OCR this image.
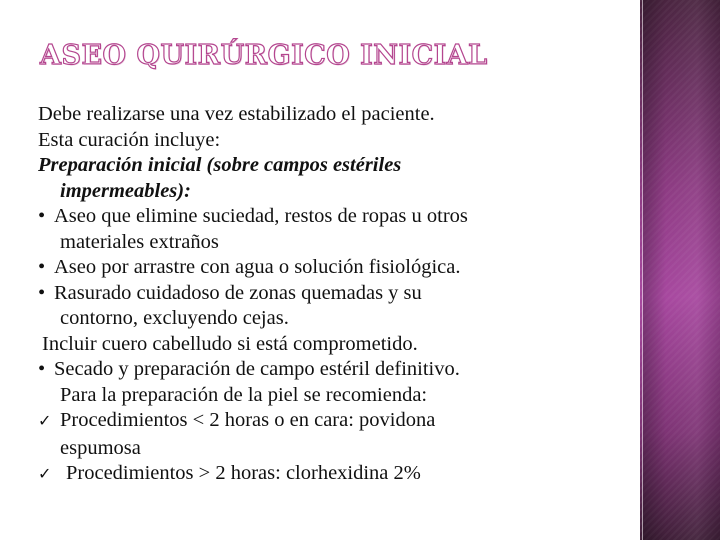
ASEO QUIRÚRGICO INICIAL

Debe realizarse una vez estabilizado el paciente.

Esta curación incluye:

Preparación inicial (sobre campos estériles

impermeables):

• Aseo que elimine suciedad, restos de ropas u otros

materiales extraños

• Aseo por arrastre con agua o solución fisiológica.

• Rasurado cuidadoso de zonas quemadas y su

contorno, excluyendo cejas.

Incluir cuero cabelludo si está comprometido.

• Secado y preparación de campo estéril definitivo.

Para la preparación de la piel se recomienda:

✓ Procedimientos < 2 horas o en cara: povidona

espumosa

✓ Procedimientos > 2 horas: clorhexidina 2%
